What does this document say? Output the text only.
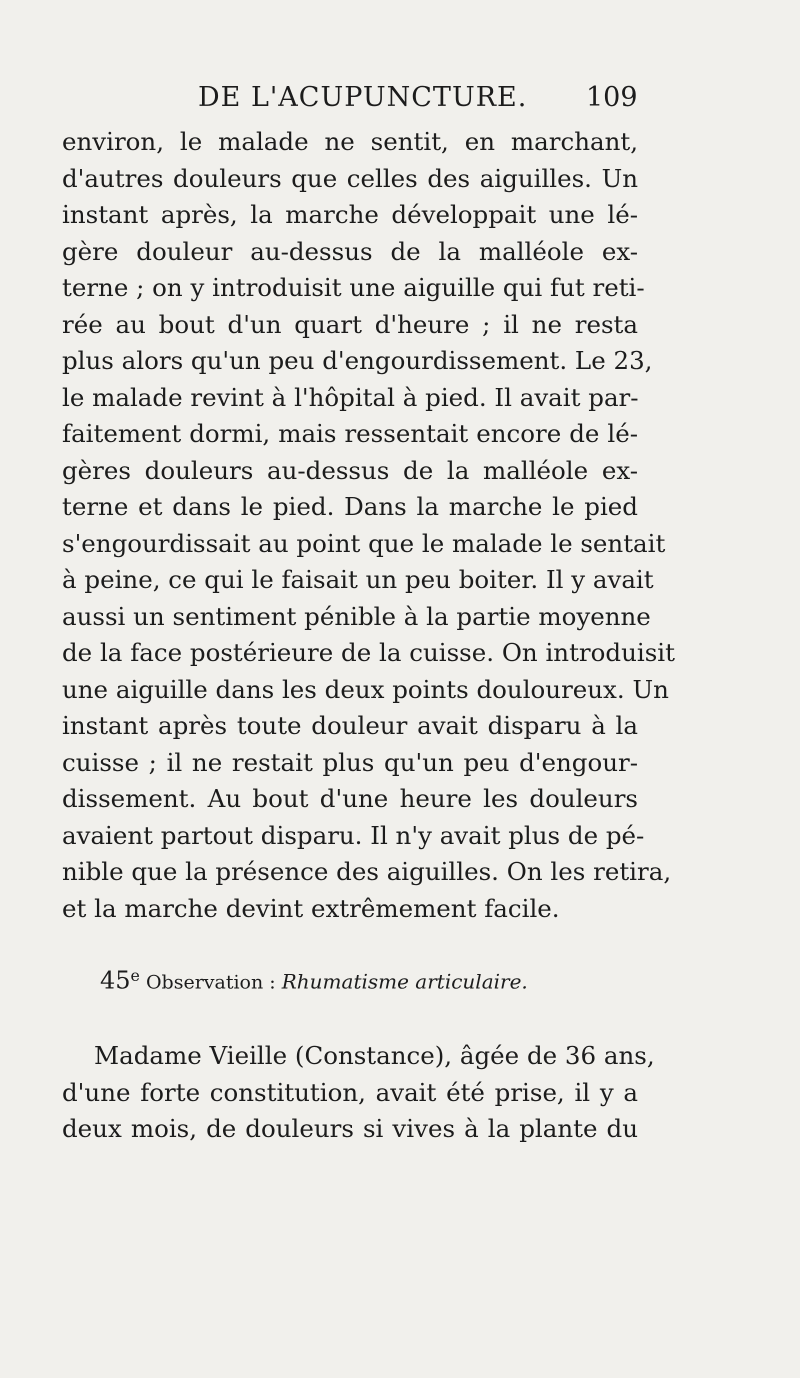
DE L'ACUPUNCTURE. 109
environ, le malade ne sentit, en marchant,
d'autres douleurs que celles des aiguilles. Un
instant après, la marche développait une lé-
gère douleur au-dessus de la malléole ex-
terne ; on y introduisit une aiguille qui fut reti-
rée au bout d'un quart d'heure ; il ne resta
plus alors qu'un peu d'engourdissement. Le 23,
le malade revint à l'hôpital à pied. Il avait par-
faitement dormi, mais ressentait encore de lé-
gères douleurs au-dessus de la malléole ex-
terne et dans le pied. Dans la marche le pied
s'engourdissait au point que le malade le sentait
à peine, ce qui le faisait un peu boiter. Il y avait
aussi un sentiment pénible à la partie moyenne
de la face postérieure de la cuisse. On introduisit
une aiguille dans les deux points douloureux. Un
instant après toute douleur avait disparu à la
cuisse ; il ne restait plus qu'un peu d'engour-
dissement. Au bout d'une heure les douleurs
avaient partout disparu. Il n'y avait plus de pé-
nible que la présence des aiguilles. On les retira,
et la marche devint extrêmement facile.
45e Observation : Rhumatisme articulaire.
Madame Vieille (Constance), âgée de 36 ans,
d'une forte constitution, avait été prise, il y a
deux mois, de douleurs si vives à la plante du
